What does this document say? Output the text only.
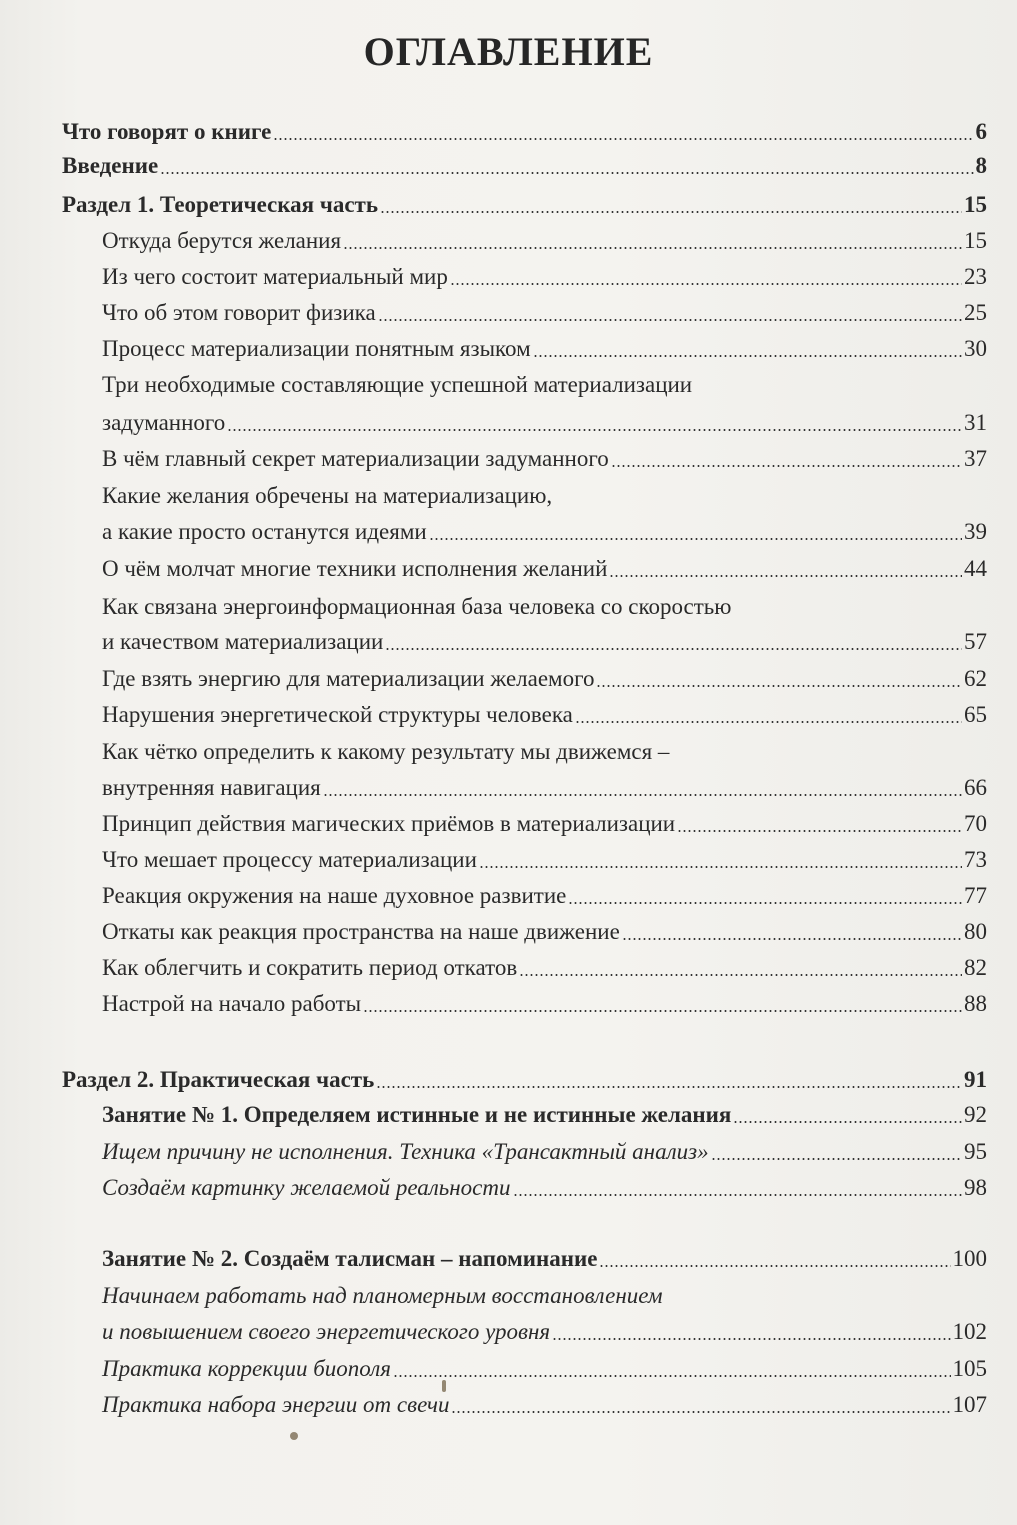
ОГЛАВЛЕНИЕ
Что говорят о книге	6
Введение	8
Раздел 1. Теоретическая часть	15
Откуда берутся желания	15
Из чего состоит материальный мир	23
Что об этом говорит физика	25
Процесс материализации понятным языком	30
Три необходимые составляющие успешной материализации
задуманного	31
В чём главный секрет материализации задуманного	37
Какие желания обречены на материализацию,
а какие просто останутся идеями	39
О чём молчат многие техники исполнения желаний	44
Как связана энергоинформационная база человека со скоростью
и качеством материализации	57
Где взять энергию для материализации желаемого	62
Нарушения энергетической структуры человека	65
Как чётко определить к какому результату мы движемся –
внутренняя навигация	66
Принцип действия магических приёмов в материализации	70
Что мешает процессу материализации	73
Реакция окружения на наше духовное развитие	77
Откаты как реакция пространства на наше движение	80
Как облегчить и сократить период откатов	82
Настрой на начало работы	88
Раздел 2. Практическая часть	91
Занятие № 1. Определяем истинные и не истинные желания	92
Ищем причину не исполнения. Техника «Трансактный анализ»	95
Создаём картинку желаемой реальности	98
Занятие № 2. Создаём талисман – напоминание	100
Начинаем работать над планомерным восстановлением
и повышением своего энергетического уровня	102
Практика коррекции биополя	105
Практика набора энергии от свечи	107
